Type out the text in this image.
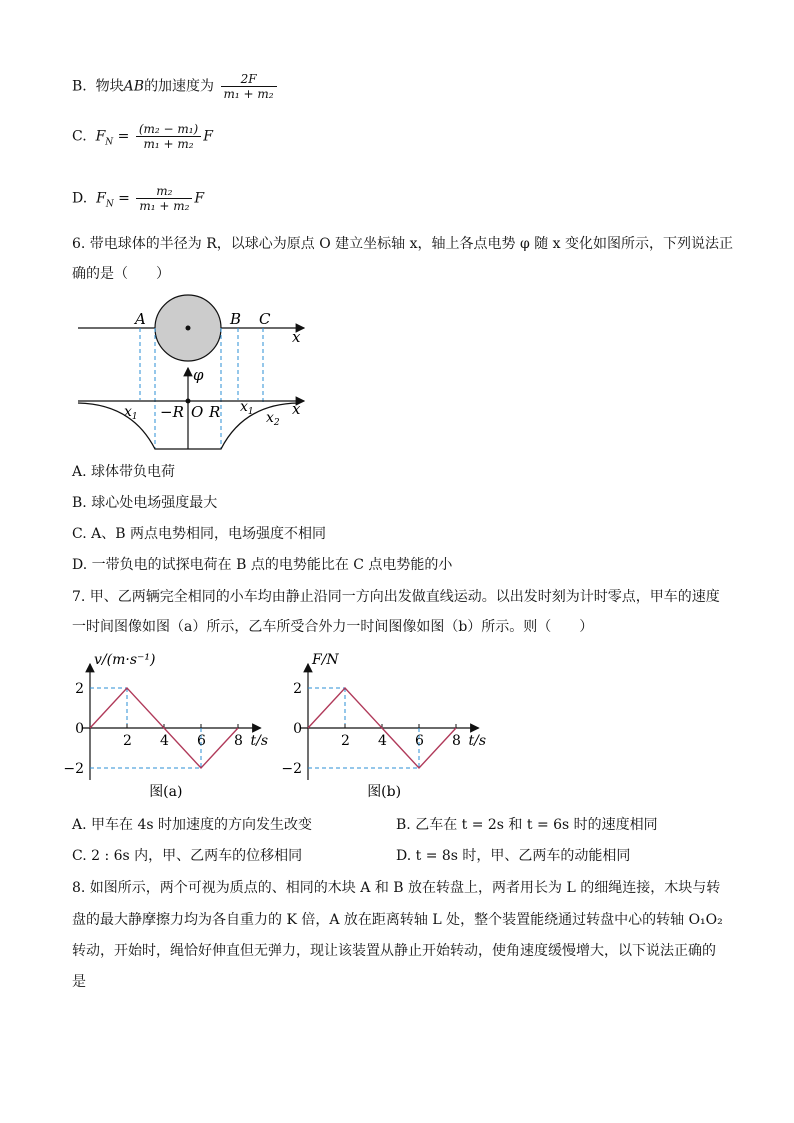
B. 物块AB的加速度为 $\frac{2F}{\text{m₁ + m₂}}$
C. $F_N = \frac{\text{(m₂ − m₁)}}{\text{m₁ + m₂}}$ F
D. $F_N = \frac{\text{m₂}}{\text{m₁ + m₂}}$ F
6. 带电球体的半径为 R，以球心为原点 O 建立坐标轴 x，轴上各点电势 φ 随 x 变化如图所示，下列说法正
确的是（　　）
A	B C
x
φ
x
$x_1 -R$ O R $x_1$ $x_2$
A. 球体带负电荷
B. 球心处电场强度最大
C. A、B 两点电势相同，电场强度不相同
D. 一带负电的试探电荷在 B 点的电势能比在 C 点电势能的小
7. 甲、乙两辆完全相同的小车均由静止沿同一方向出发做直线运动。以出发时刻为计时零点，甲车的速度
一时间图像如图（a）所示，乙车所受合外力一时间图像如图（b）所示。则（　　）
2 4 6 8
2
0
−2
v/(m·s⁻¹)
t/s
图(a)
2 4 6 8
2
0
−2
F/N
t/s
图(b)
A. 甲车在 4s 时加速度的方向发生改变	B. 乙车在 t = 2s 和 t = 6s 时的速度相同
C. 2 : 6s 内，甲、乙两车的位移相同	D. t = 8s 时，甲、乙两车的动能相同
8. 如图所示，两个可视为质点的、相同的木块 A 和 B 放在转盘上，两者用长为 L 的细绳连接，木块与转
盘的最大静摩擦力均为各自重力的 K 倍，A 放在距离转轴 L 处，整个装置能绕通过转盘中心的转轴 O₁O₂
转动，开始时，绳恰好伸直但无弹力，现让该装置从静止开始转动，使角速度缓慢增大，以下说法正确的
是
